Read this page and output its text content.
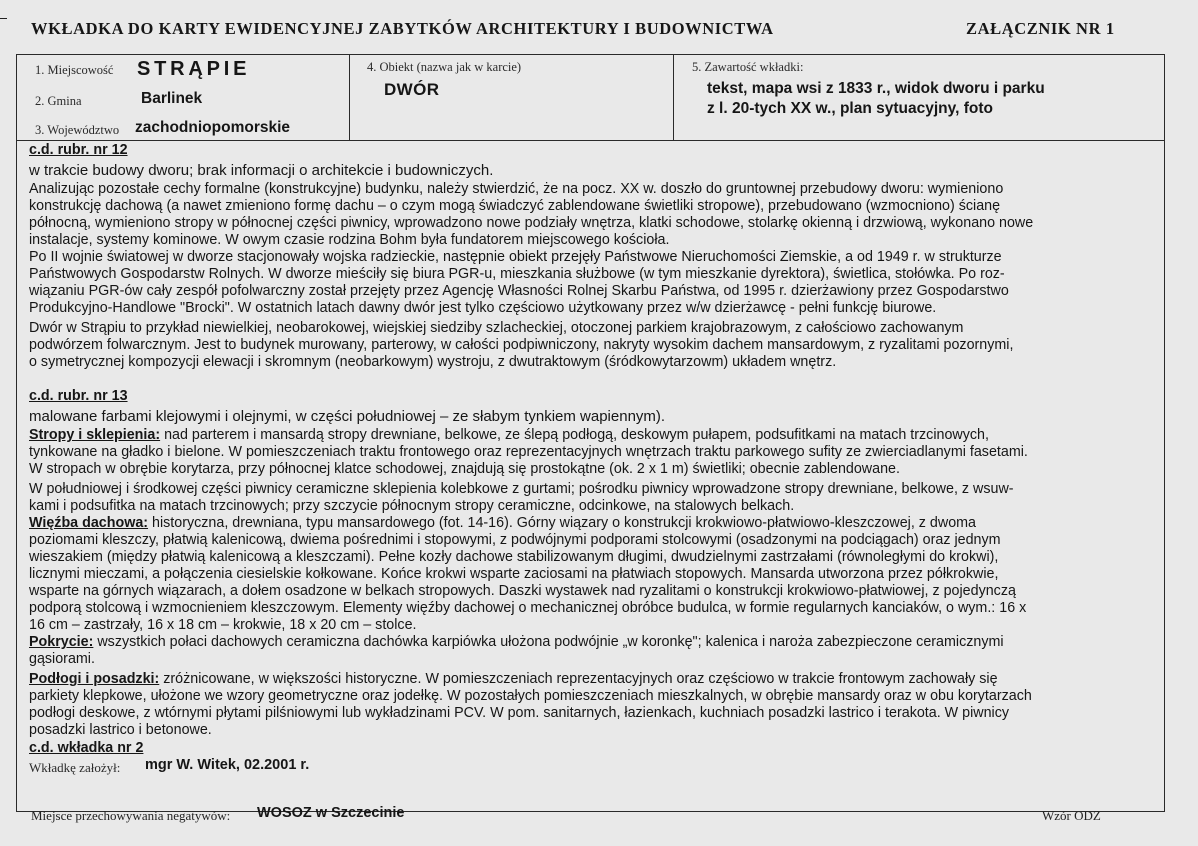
WKŁADKA DO KARTY EWIDENCYJNEJ ZABYTKÓW ARCHITEKTURY I BUDOWNICTWA	ZAŁĄCZNIK NR 1
1. Miejscowość STRĄPIE
2. Gmina	Barlinek
3. Województwo zachodniopomorskie
4. Obiekt (nazwa jak w karcie)
DWÓR
5. Zawartość wkładki:
tekst, mapa wsi z 1833 r., widok dworu i parku
z l. 20-tych XX w., plan sytuacyjny, foto
c.d. rubr. nr 12
w trakcie budowy dworu; brak informacji o architekcie i budowniczych.
Analizując pozostałe cechy formalne (konstrukcyjne) budynku, należy stwierdzić, że na pocz. XX w. doszło do gruntownej przebudowy dworu: wymieniono
konstrukcję dachową (a nawet zmieniono formę dachu – o czym mogą świadczyć zablendowane świetliki stropowe), przebudowano (wzmocniono) ścianę
północną, wymieniono stropy w północnej części piwnicy, wprowadzono nowe podziały wnętrza, klatki schodowe, stolarkę okienną i drzwiową, wykonano nowe
instalacje, systemy kominowe. W owym czasie rodzina Bohm była fundatorem miejscowego kościoła.
Po II wojnie światowej w dworze stacjonowały wojska radzieckie, następnie obiekt przejęły Państwowe Nieruchomości Ziemskie, a od 1949 r. w strukturze
Państwowych Gospodarstw Rolnych. W dworze mieściły się biura PGR-u, mieszkania służbowe (w tym mieszkanie dyrektora), świetlica, stołówka. Po roz-
wiązaniu PGR-ów cały zespół pofolwarczny został przejęty przez Agencję Własności Rolnej Skarbu Państwa, od 1995 r. dzierżawiony przez Gospodarstwo
Produkcyjno-Handlowe "Brocki". W ostatnich latach dawny dwór jest tylko częściowo użytkowany przez w/w dzierżawcę - pełni funkcję biurowe.
Dwór w Strąpiu to przykład niewielkiej, neobarokowej, wiejskiej siedziby szlacheckiej, otoczonej parkiem krajobrazowym, z całościowo zachowanym
podwórzem folwarcznym. Jest to budynek murowany, parterowy, w całości podpiwniczony, nakryty wysokim dachem mansardowym, z ryzalitami pozornymi,
o symetrycznej kompozycji elewacji i skromnym (neobarkowym) wystroju, z dwutraktowym (śródkowytarzowm) układem wnętrz.
c.d. rubr. nr 13
malowane farbami klejowymi i olejnymi, w części południowej – ze słabym tynkiem wapiennym).
Stropy i sklepienia: nad parterem i mansardą stropy drewniane, belkowe, ze ślepą podłogą, deskowym pułapem, podsufitkami na matach trzcinowych,
tynkowane na gładko i bielone. W pomieszczeniach traktu frontowego oraz reprezentacyjnych wnętrzach traktu parkowego sufity ze zwierciadlanymi fasetami.
W stropach w obrębie korytarza, przy północnej klatce schodowej, znajdują się prostokątne (ok. 2 x 1 m) świetliki; obecnie zablendowane.
W południowej i środkowej części piwnicy ceramiczne sklepienia kolebkowe z gurtami; pośrodku piwnicy wprowadzone stropy drewniane, belkowe, z wsuw-
kami i podsufitka na matach trzcinowych; przy szczycie północnym stropy ceramiczne, odcinkowe, na stalowych belkach.
Więźba dachowa: historyczna, drewniana, typu mansardowego (fot. 14-16). Górny wiązary o konstrukcji krokwiowo-płatwiowo-kleszczowej, z dwoma
poziomami kleszczy, płatwią kalenicową, dwiema pośrednimi i stopowymi, z podwójnymi podporami stolcowymi (osadzonymi na podciągach) oraz jednym
wieszakiem (między płatwią kalenicową a kleszczami). Pełne kozły dachowe stabilizowanym długimi, dwudzielnymi zastrzałami (równoległymi do krokwi),
licznymi mieczami, a połączenia ciesielskie kołkowane. Końce krokwi wsparte zaciosami na płatwiach stopowych. Mansarda utworzona przez półkrokwie,
wsparte na górnych wiązarach, a dołem osadzone w belkach stropowych. Daszki wystawek nad ryzalitami o konstrukcji krokwiowo-płatwiowej, z pojedynczą
podporą stolcową i wzmocnieniem kleszczowym. Elementy więźby dachowej o mechanicznej obróbce budulca, w formie regularnych kanciaków, o wym.: 16 x
16 cm – zastrzały, 16 x 18 cm – krokwie, 18 x 20 cm – stolce.
Pokrycie: wszystkich połaci dachowych ceramiczna dachówka karpiówka ułożona podwójnie „w koronkę"; kalenica i naroża zabezpieczone ceramicznymi
gąsiorami.
Podłogi i posadzki: zróżnicowane, w większości historyczne. W pomieszczeniach reprezentacyjnych oraz częściowo w trakcie frontowym zachowały się
parkiety klepkowe, ułożone we wzory geometryczne oraz jodełkę. W pozostałych pomieszczeniach mieszkalnych, w obrębie mansardy oraz w obu korytarzach
podłogi deskowe, z wtórnymi płytami pilśniowymi lub wykładzinami PCV. W pom. sanitarnych, łazienkach, kuchniach posadzki lastrico i terakota. W piwnicy
posadzki lastrico i betonowe.
c.d. wkładka nr 2
Wkładkę założył: mgr W. Witek, 02.2001 r.
Miejsce przechowywania negatywów: WOSOZ w Szczecinie	Wzór ODZ
